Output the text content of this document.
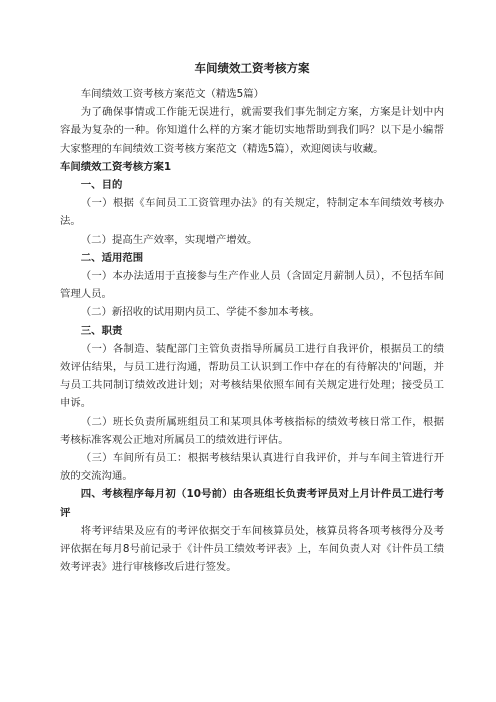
车间绩效工资考核方案

车间绩效工资考核方案范文（精选5篇）

为了确保事情或工作能无误进行，就需要我们事先制定方案，方案是计划中内容最为复杂的一种。你知道什么样的方案才能切实地帮助到我们吗？以下是小编帮大家整理的车间绩效工资考核方案范文（精选5篇），欢迎阅读与收藏。

车间绩效工资考核方案1

一、目的

（一）根据《车间员工工资管理办法》的有关规定，特制定本车间绩效考核办法。

（二）提高生产效率，实现增产增效。

二、适用范围

（一）本办法适用于直接参与生产作业人员（含固定月薪制人员），不包括车间管理人员。

（二）新招收的试用期内员工、学徒不参加本考核。

三、职责

（一）各制造、装配部门主管负责指导所属员工进行自我评价，根据员工的绩效评估结果，与员工进行沟通，帮助员工认识到工作中存在的有待解决的'问题，并与员工共同制订绩效改进计划；对考核结果依照车间有关规定进行处理；接受员工申诉。

（二）班长负责所属班组员工和某项具体考核指标的绩效考核日常工作，根据考核标准客观公正地对所属员工的绩效进行评估。

（三）车间所有员工：根据考核结果认真进行自我评价，并与车间主管进行开放的交流沟通。

四、考核程序每月初（10号前）由各班组长负责考评员对上月计件员工进行考评

将考评结果及应有的考评依据交于车间核算员处，核算员将各项考核得分及考评依据在每月8号前记录于《计件员工绩效考评表》上，车间负责人对《计件员工绩效考评表》进行审核修改后进行签发。
